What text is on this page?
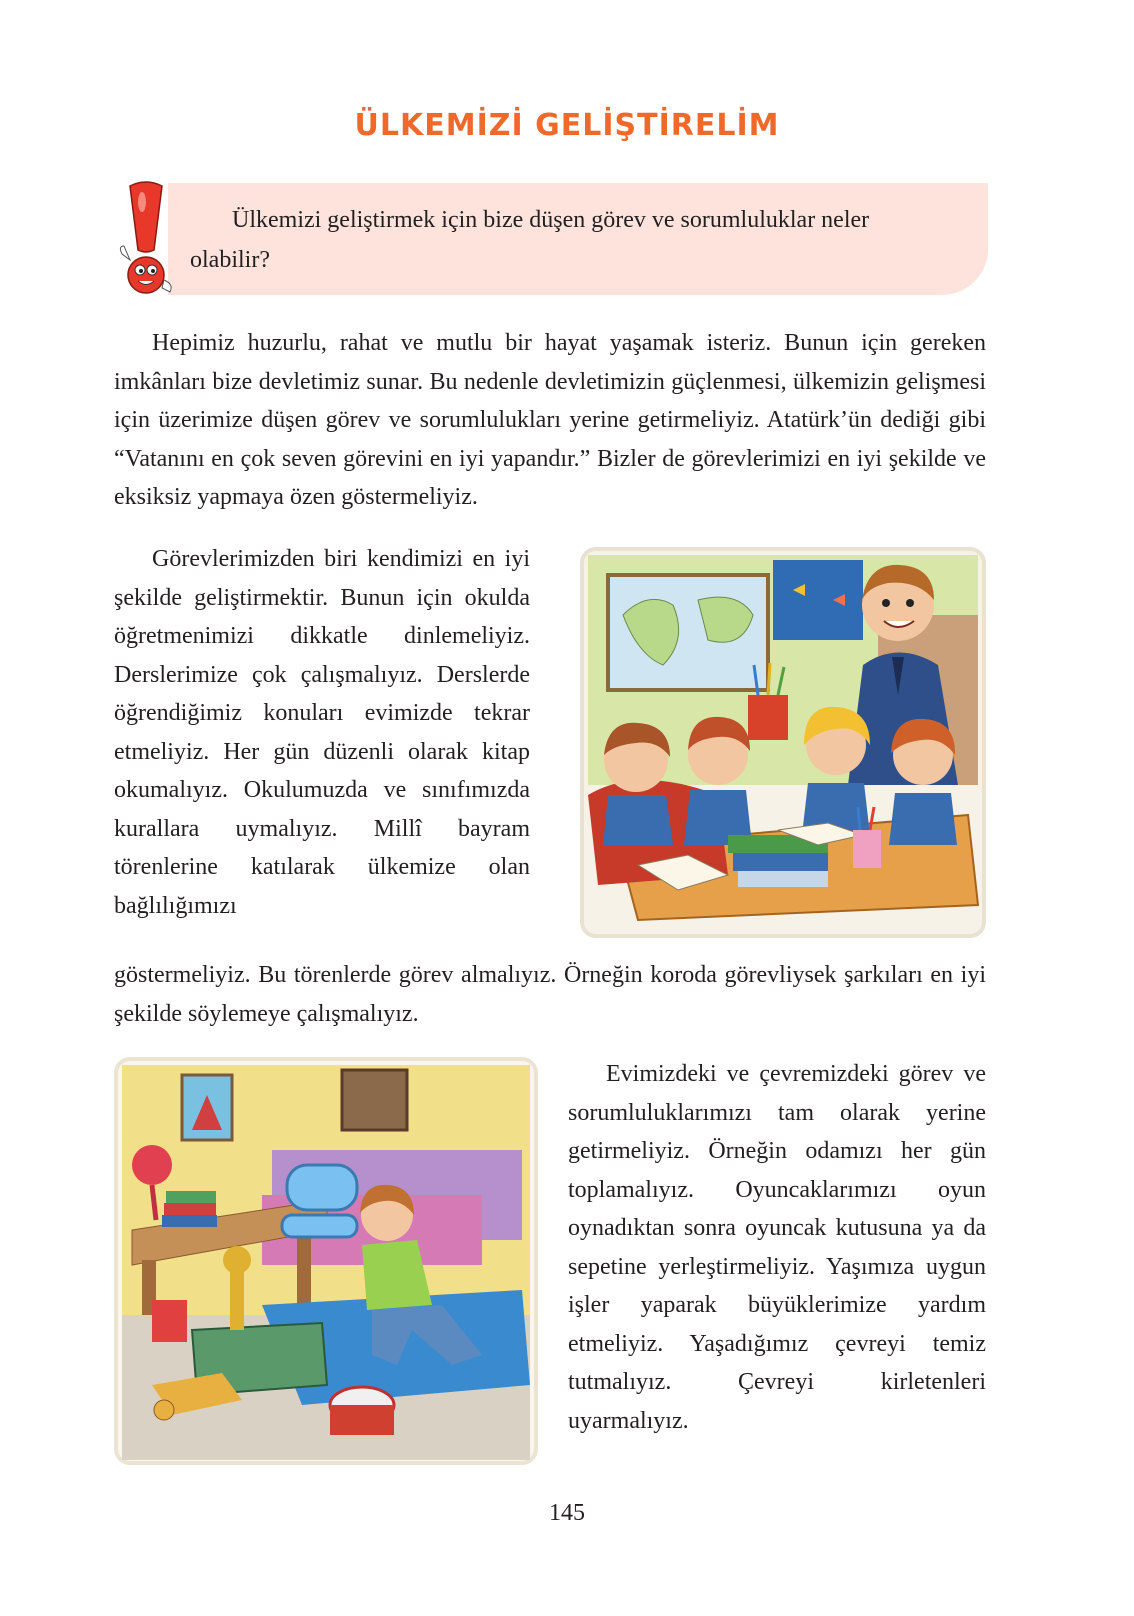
ÜLKEMİZİ GELİŞTİRELİM
Ülkemizi geliştirmek için bize düşen görev ve sorumluluklar neler
olabilir?

Hepimiz huzurlu, rahat ve mutlu bir hayat yaşamak isteriz. Bunun için gereken imkânları bize devletimiz sunar. Bu nedenle devletimizin güçlenmesi, ülkemizin gelişmesi için üzerimize düşen görev ve sorumlulukları yerine getirmeliyiz. Atatürk’ün dediği gibi “Vatanını en çok seven görevini en iyi yapandır.” Bizler de görevlerimizi en iyi şekilde ve eksiksiz yapmaya özen göstermeliyiz.

Görevlerimizden biri kendimizi en iyi şekilde geliştirmektir. Bunun için okulda öğretmenimizi dikkatle dinlemeliyiz. Derslerimize çok çalışmalıyız. Derslerde öğrendiğimiz konuları evimizde tekrar etmeliyiz. Her gün düzenli olarak kitap okumalıyız. Okulumuzda ve sınıfımızda kurallara uymalıyız. Millî bayram törenlerine katılarak ülkemize olan bağlılığımızı

göstermeliyiz. Bu törenlerde görev almalıyız. Örneğin koroda görevliysek şarkıları en iyi şekilde söylemeye çalışmalıyız.

Evimizdeki ve çevremizdeki görev ve sorumluluklarımızı tam olarak yerine getirmeliyiz. Örneğin odamızı her gün toplamalıyız. Oyuncaklarımızı oyun oynadıktan sonra oyuncak kutusuna ya da sepetine yerleştirmeliyiz. Yaşımıza uygun işler yaparak büyüklerimize yardım etmeliyiz. Yaşadığımız çevreyi temiz tutmalıyız. Çevreyi kirletenleri uyarmalıyız.

145
